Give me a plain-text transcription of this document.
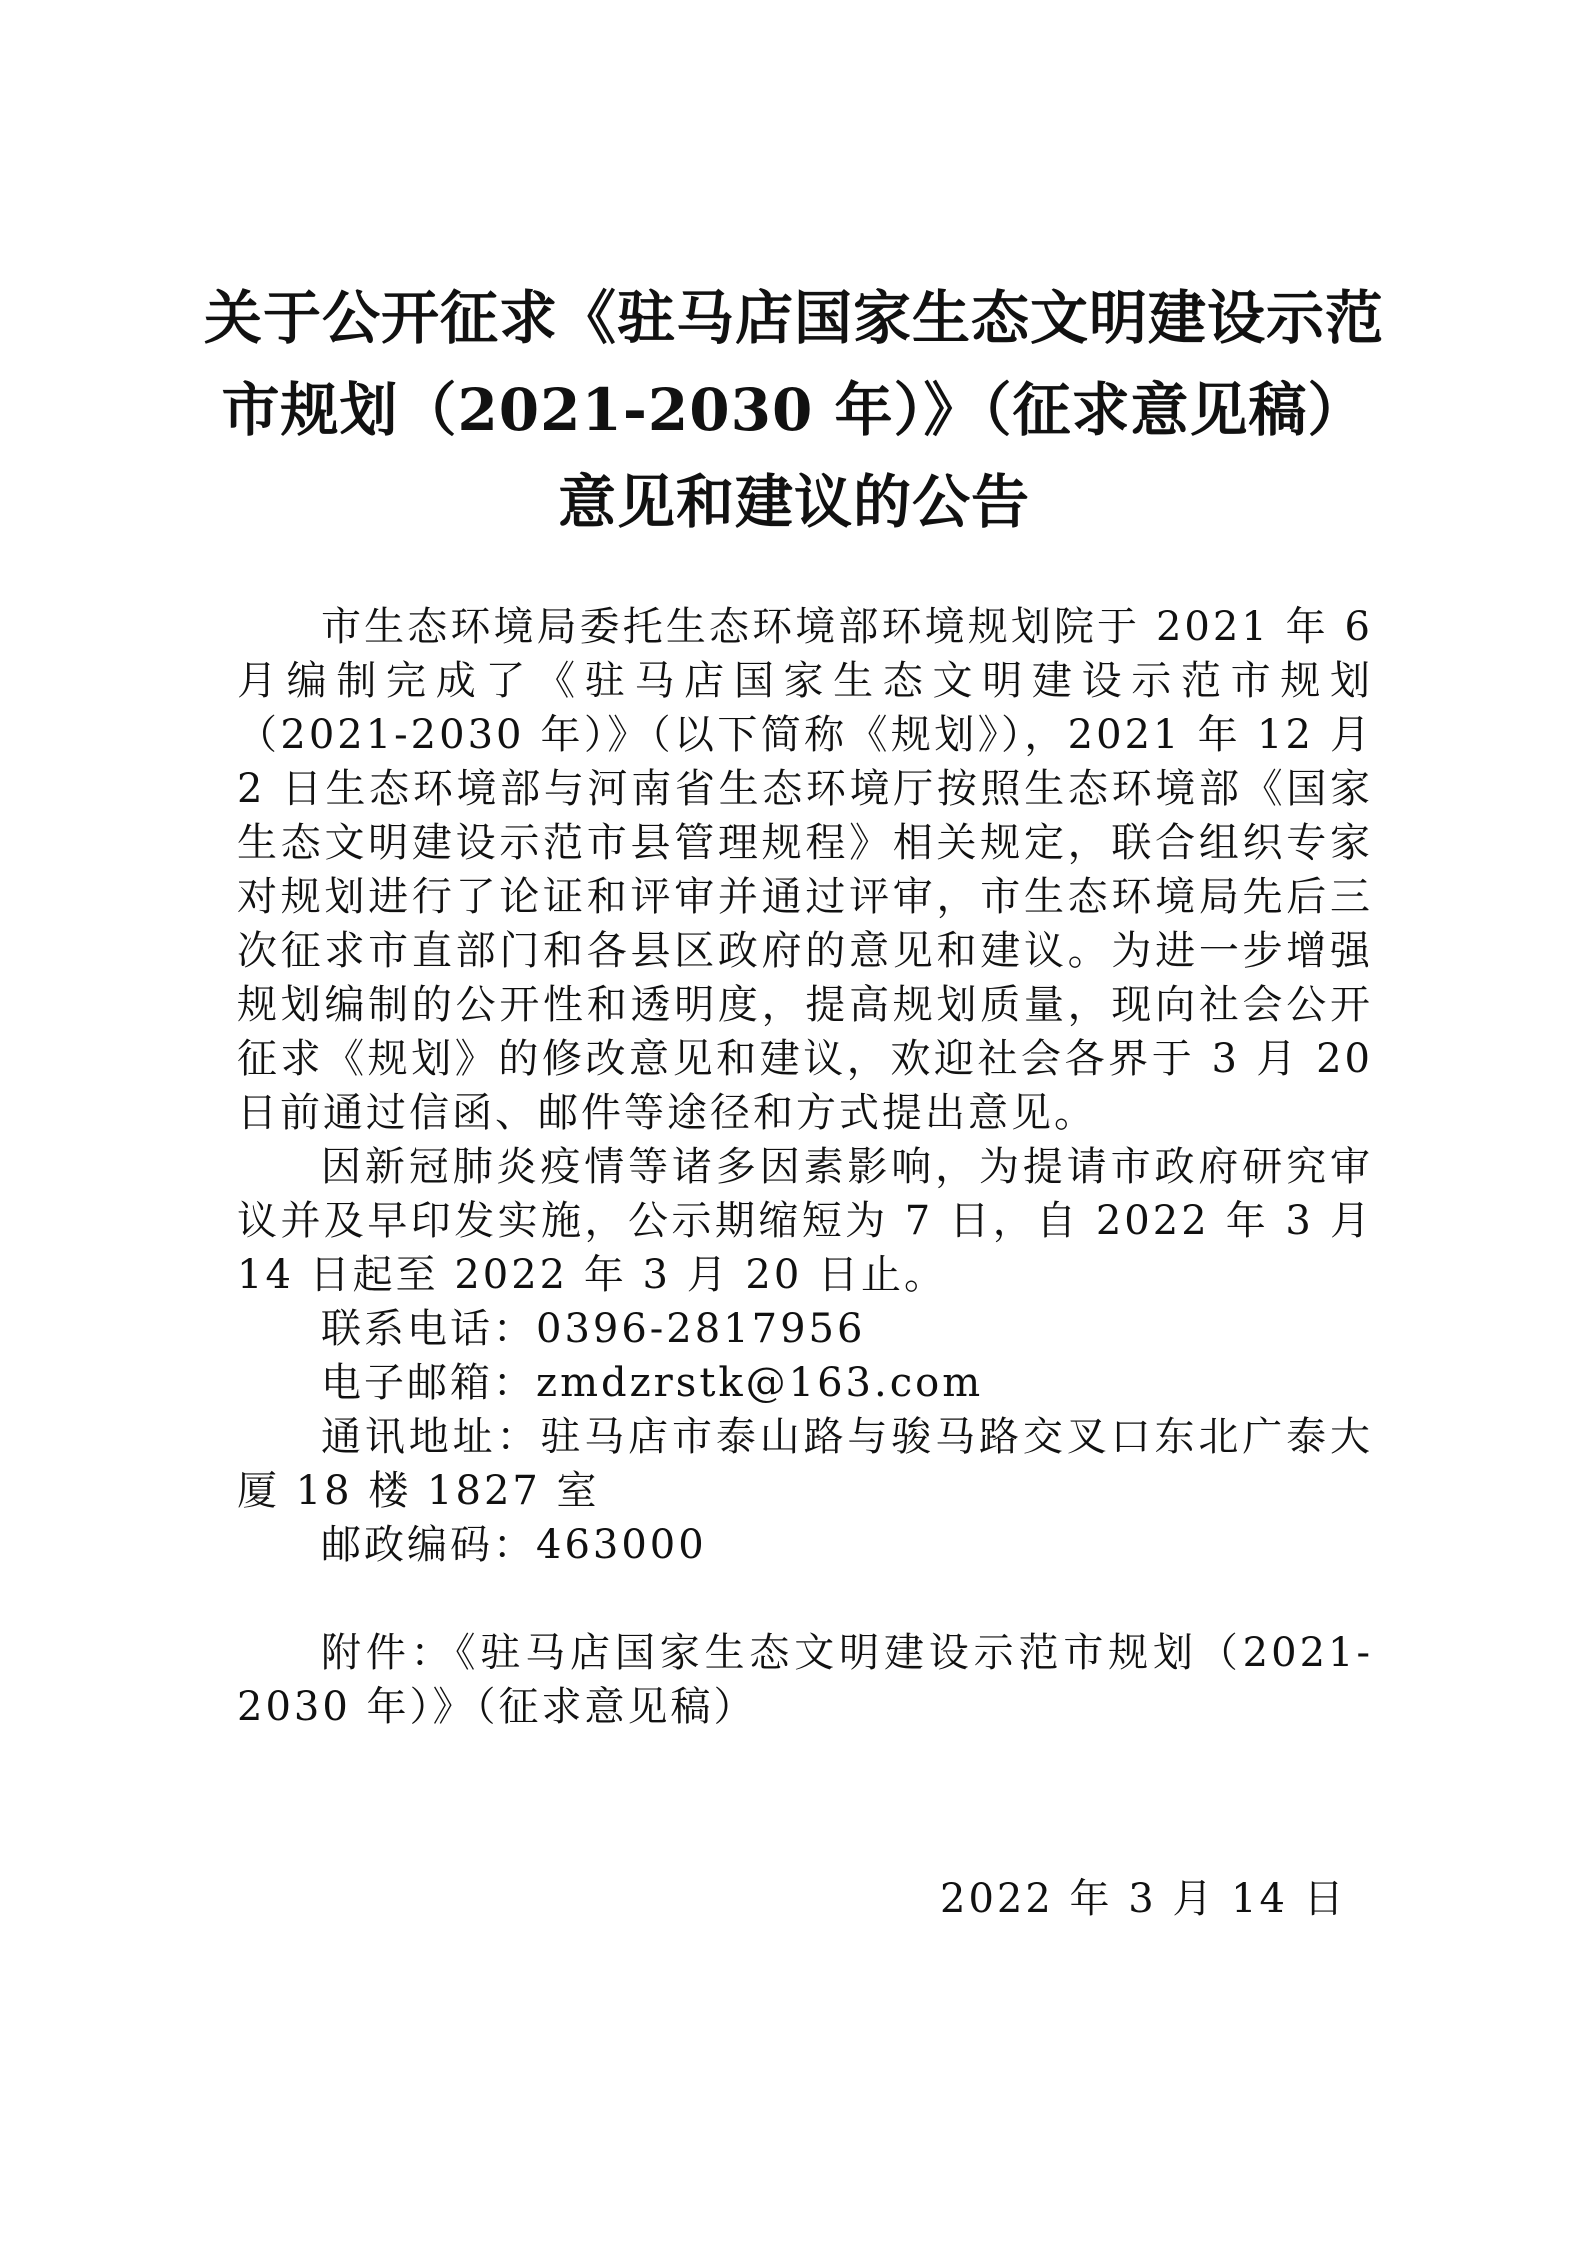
关于公开征求《驻马店国家生态文明建设示范
市规划（2021-2030 年）》（征求意见稿）
意见和建议的公告

市生态环境局委托生态环境部环境规划院于 2021 年 6 月编制完成了《驻马店国家生态文明建设示范市规划（2021-2030 年）》（以下简称《规划》），2021 年 12 月 2 日生态环境部与河南省生态环境厅按照生态环境部《国家生态文明建设示范市县管理规程》相关规定，联合组织专家对规划进行了论证和评审并通过评审，市生态环境局先后三次征求市直部门和各县区政府的意见和建议。为进一步增强规划编制的公开性和透明度，提高规划质量，现向社会公开征求《规划》的修改意见和建议，欢迎社会各界于 3 月 20 日前通过信函、邮件等途径和方式提出意见。

因新冠肺炎疫情等诸多因素影响，为提请市政府研究审议并及早印发实施，公示期缩短为 7 日，自 2022 年 3 月 14 日起至 2022 年 3 月 20 日止。

联系电话：0396-2817956

电子邮箱：zmdzrstk@163.com

通讯地址：驻马店市泰山路与骏马路交叉口东北广泰大厦 18 楼 1827 室

邮政编码：463000

附件：《驻马店国家生态文明建设示范市规划（2021-2030 年）》（征求意见稿）

2022 年 3 月 14 日
